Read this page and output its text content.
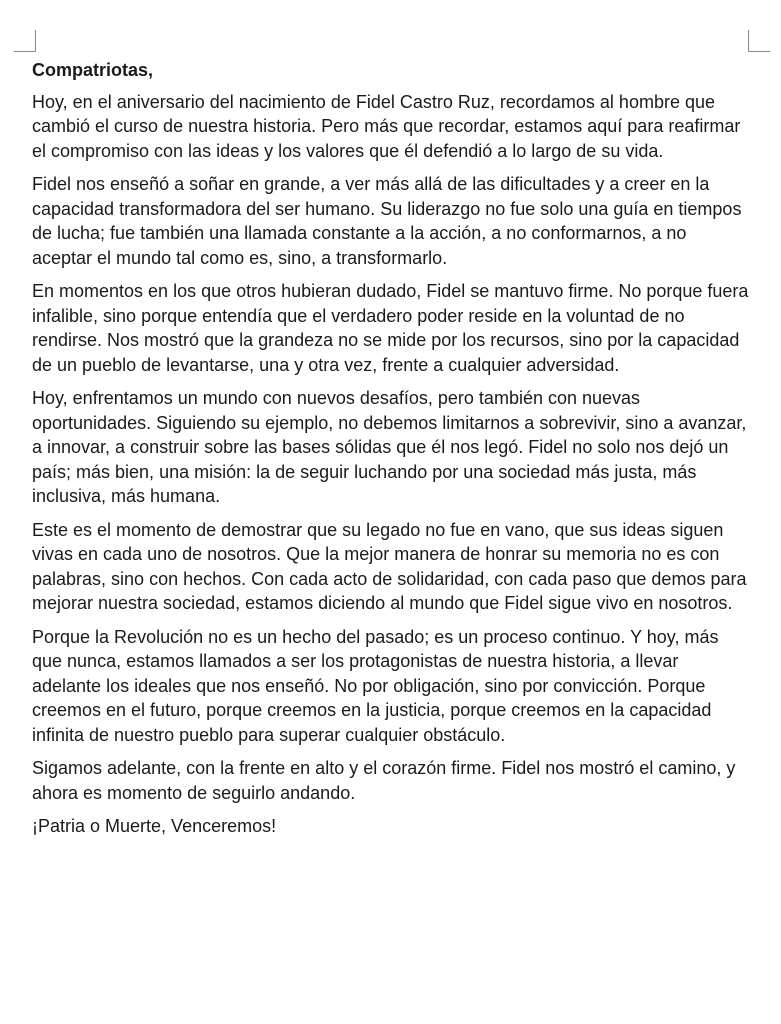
Compatriotas,

Hoy, en el aniversario del nacimiento de Fidel Castro Ruz, recordamos al hombre que cambió el curso de nuestra historia. Pero más que recordar, estamos aquí para reafirmar el compromiso con las ideas y los valores que él defendió a lo largo de su vida.

Fidel nos enseñó a soñar en grande, a ver más allá de las dificultades y a creer en la capacidad transformadora del ser humano. Su liderazgo no fue solo una guía en tiempos de lucha; fue también una llamada constante a la acción, a no conformarnos, a no aceptar el mundo tal como es, sino, a transformarlo.

En momentos en los que otros hubieran dudado, Fidel se mantuvo firme. No porque fuera infalible, sino porque entendía que el verdadero poder reside en la voluntad de no rendirse. Nos mostró que la grandeza no se mide por los recursos, sino por la capacidad de un pueblo de levantarse, una y otra vez, frente a cualquier adversidad.

Hoy, enfrentamos un mundo con nuevos desafíos, pero también con nuevas oportunidades. Siguiendo su ejemplo, no debemos limitarnos a sobrevivir, sino a avanzar, a innovar, a construir sobre las bases sólidas que él nos legó. Fidel no solo nos dejó un país; más bien, una misión: la de seguir luchando por una sociedad más justa, más inclusiva, más humana.

Este es el momento de demostrar que su legado no fue en vano, que sus ideas siguen vivas en cada uno de nosotros. Que la mejor manera de honrar su memoria no es con palabras, sino con hechos. Con cada acto de solidaridad, con cada paso que demos para mejorar nuestra sociedad, estamos diciendo al mundo que Fidel sigue vivo en nosotros.

Porque la Revolución no es un hecho del pasado; es un proceso continuo. Y hoy, más que nunca, estamos llamados a ser los protagonistas de nuestra historia, a llevar adelante los ideales que nos enseñó. No por obligación, sino por convicción. Porque creemos en el futuro, porque creemos en la justicia, porque creemos en la capacidad infinita de nuestro pueblo para superar cualquier obstáculo.

Sigamos adelante, con la frente en alto y el corazón firme. Fidel nos mostró el camino, y ahora es momento de seguirlo andando.

¡Patria o Muerte, Venceremos!
